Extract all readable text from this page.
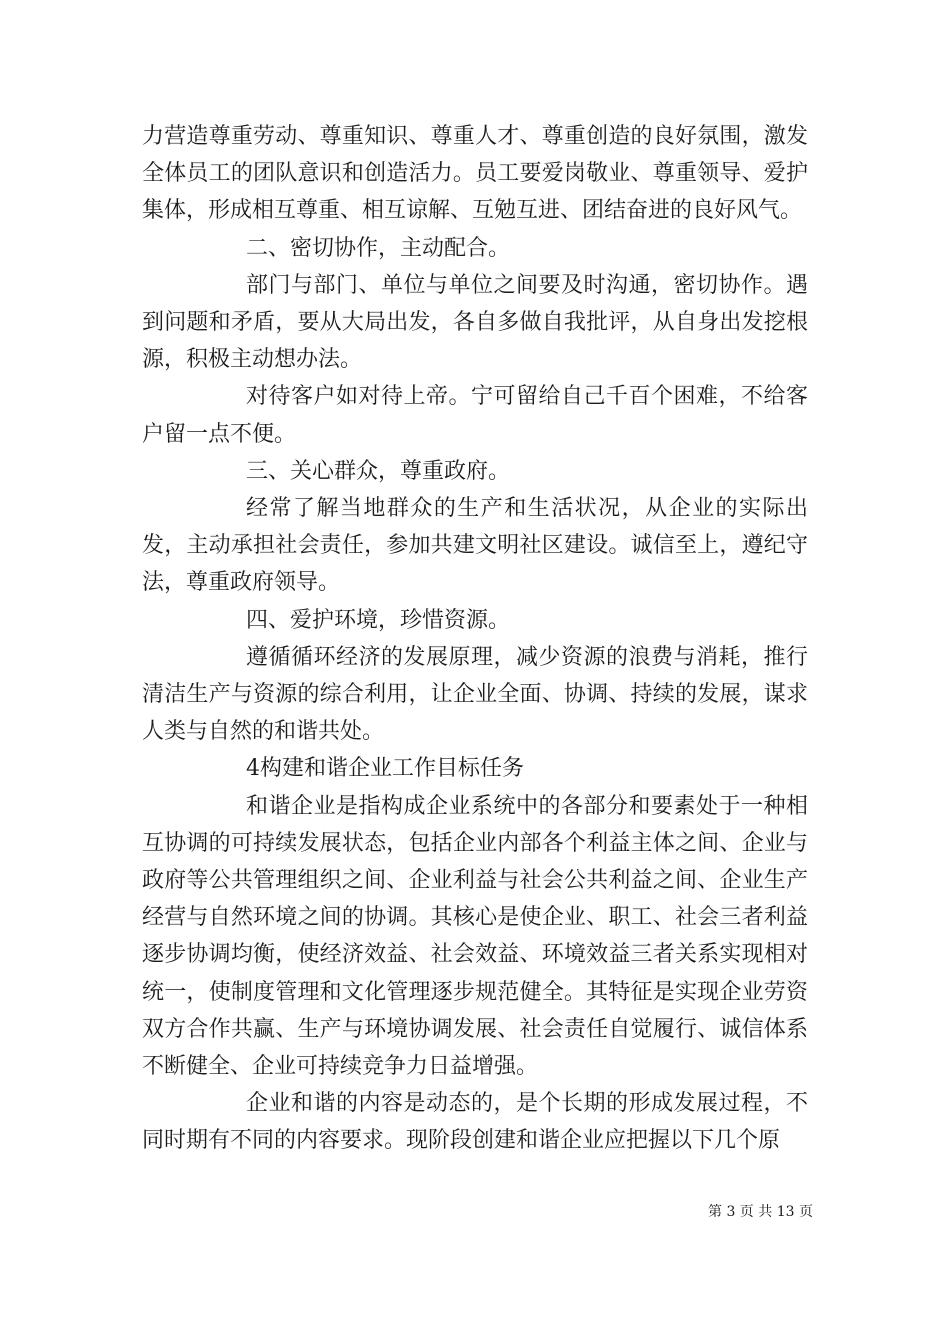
力营造尊重劳动、尊重知识、尊重人才、尊重创造的良好氛围，激发全体员工的团队意识和创造活力。员工要爱岗敬业、尊重领导、爱护集体，形成相互尊重、相互谅解、互勉互进、团结奋进的良好风气。

二、密切协作，主动配合。

部门与部门、单位与单位之间要及时沟通，密切协作。遇到问题和矛盾，要从大局出发，各自多做自我批评，从自身出发挖根源，积极主动想办法。

对待客户如对待上帝。宁可留给自己千百个困难，不给客户留一点不便。

三、关心群众，尊重政府。

经常了解当地群众的生产和生活状况，从企业的实际出发，主动承担社会责任，参加共建文明社区建设。诚信至上，遵纪守法，尊重政府领导。

四、爱护环境，珍惜资源。

遵循循环经济的发展原理，减少资源的浪费与消耗，推行清洁生产与资源的综合利用，让企业全面、协调、持续的发展，谋求人类与自然的和谐共处。

4构建和谐企业工作目标任务

和谐企业是指构成企业系统中的各部分和要素处于一种相互协调的可持续发展状态，包括企业内部各个利益主体之间、企业与政府等公共管理组织之间、企业利益与社会公共利益之间、企业生产经营与自然环境之间的协调。其核心是使企业、职工、社会三者利益逐步协调均衡，使经济效益、社会效益、环境效益三者关系实现相对统一，使制度管理和文化管理逐步规范健全。其特征是实现企业劳资双方合作共赢、生产与环境协调发展、社会责任自觉履行、诚信体系不断健全、企业可持续竞争力日益增强。

企业和谐的内容是动态的，是个长期的形成发展过程，不同时期有不同的内容要求。现阶段创建和谐企业应把握以下几个原

第 3 页 共 13 页
